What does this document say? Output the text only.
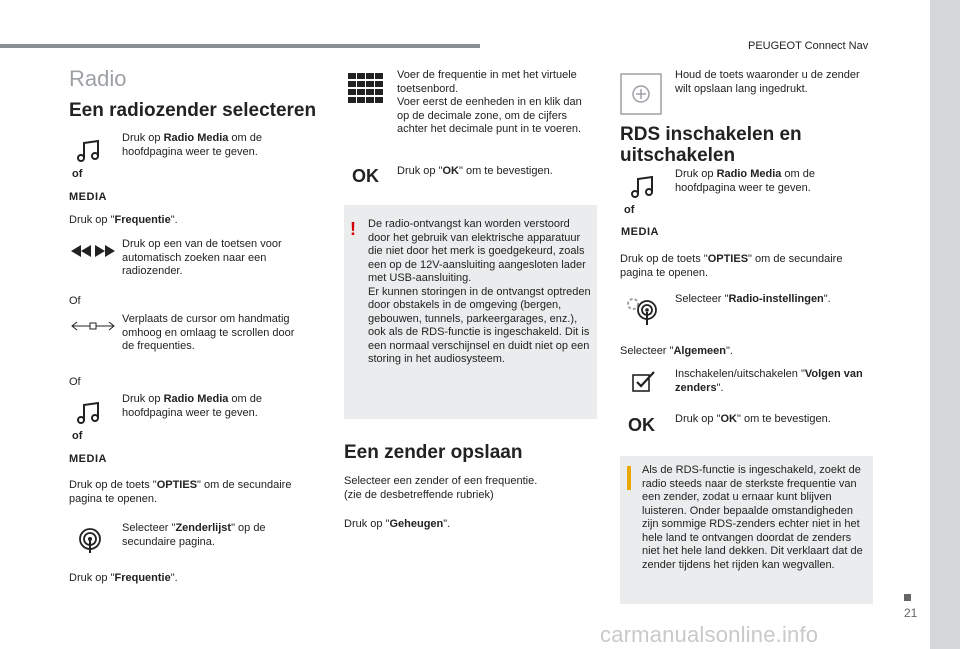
PEUGEOT Connect Nav
21
carmanualsonline.info
Radio
Een radiozender selecteren
of
MEDIA
Druk op Radio Media om de hoofdpagina weer te geven.
Druk op "Frequentie".
Druk op een van de toetsen voor automatisch zoeken naar een radiozender.
Of
Verplaats de cursor om handmatig omhoog en omlaag te scrollen door de frequenties.
Of
of
MEDIA
Druk op Radio Media om de hoofdpagina weer te geven.
Druk op de toets "OPTIES" om de secundaire pagina te openen.
Selecteer "Zenderlijst" op de secundaire pagina.
Druk op "Frequentie".
Voer de frequentie in met het virtuele toetsenbord.
Voer eerst de eenheden in en klik dan op de decimale zone, om de cijfers achter het decimale punt in te voeren.
OK Druk op "OK" om te bevestigen.
! De radio-ontvangst kan worden verstoord door het gebruik van elektrische apparatuur die niet door het merk is goedgekeurd, zoals een op de 12V-aansluiting aangesloten lader met USB-aansluiting.
Er kunnen storingen in de ontvangst optreden door obstakels in de omgeving (bergen, gebouwen, tunnels, parkeergarages, enz.), ook als de RDS-functie is ingeschakeld. Dit is een normaal verschijnsel en duidt niet op een storing in het audiosysteem.
Een zender opslaan
Selecteer een zender of een frequentie.
(zie de desbetreffende rubriek)
Druk op "Geheugen".
Houd de toets waaronder u de zender wilt opslaan lang ingedrukt.
RDS inschakelen en
uitschakelen
of
MEDIA
Druk op Radio Media om de hoofdpagina weer te geven.
Druk op de toets "OPTIES" om de secundaire pagina te openen.
Selecteer "Radio-instellingen".
Selecteer "Algemeen".
Inschakelen/uitschakelen "Volgen van zenders".
OK Druk op "OK" om te bevestigen.
i Als de RDS-functie is ingeschakeld, zoekt de radio steeds naar de sterkste frequentie van een zender, zodat u ernaar kunt blijven luisteren. Onder bepaalde omstandigheden zijn sommige RDS-zenders echter niet in het hele land te ontvangen doordat de zenders niet het hele land dekken. Dit verklaart dat de zender tijdens het rijden kan wegvallen.
